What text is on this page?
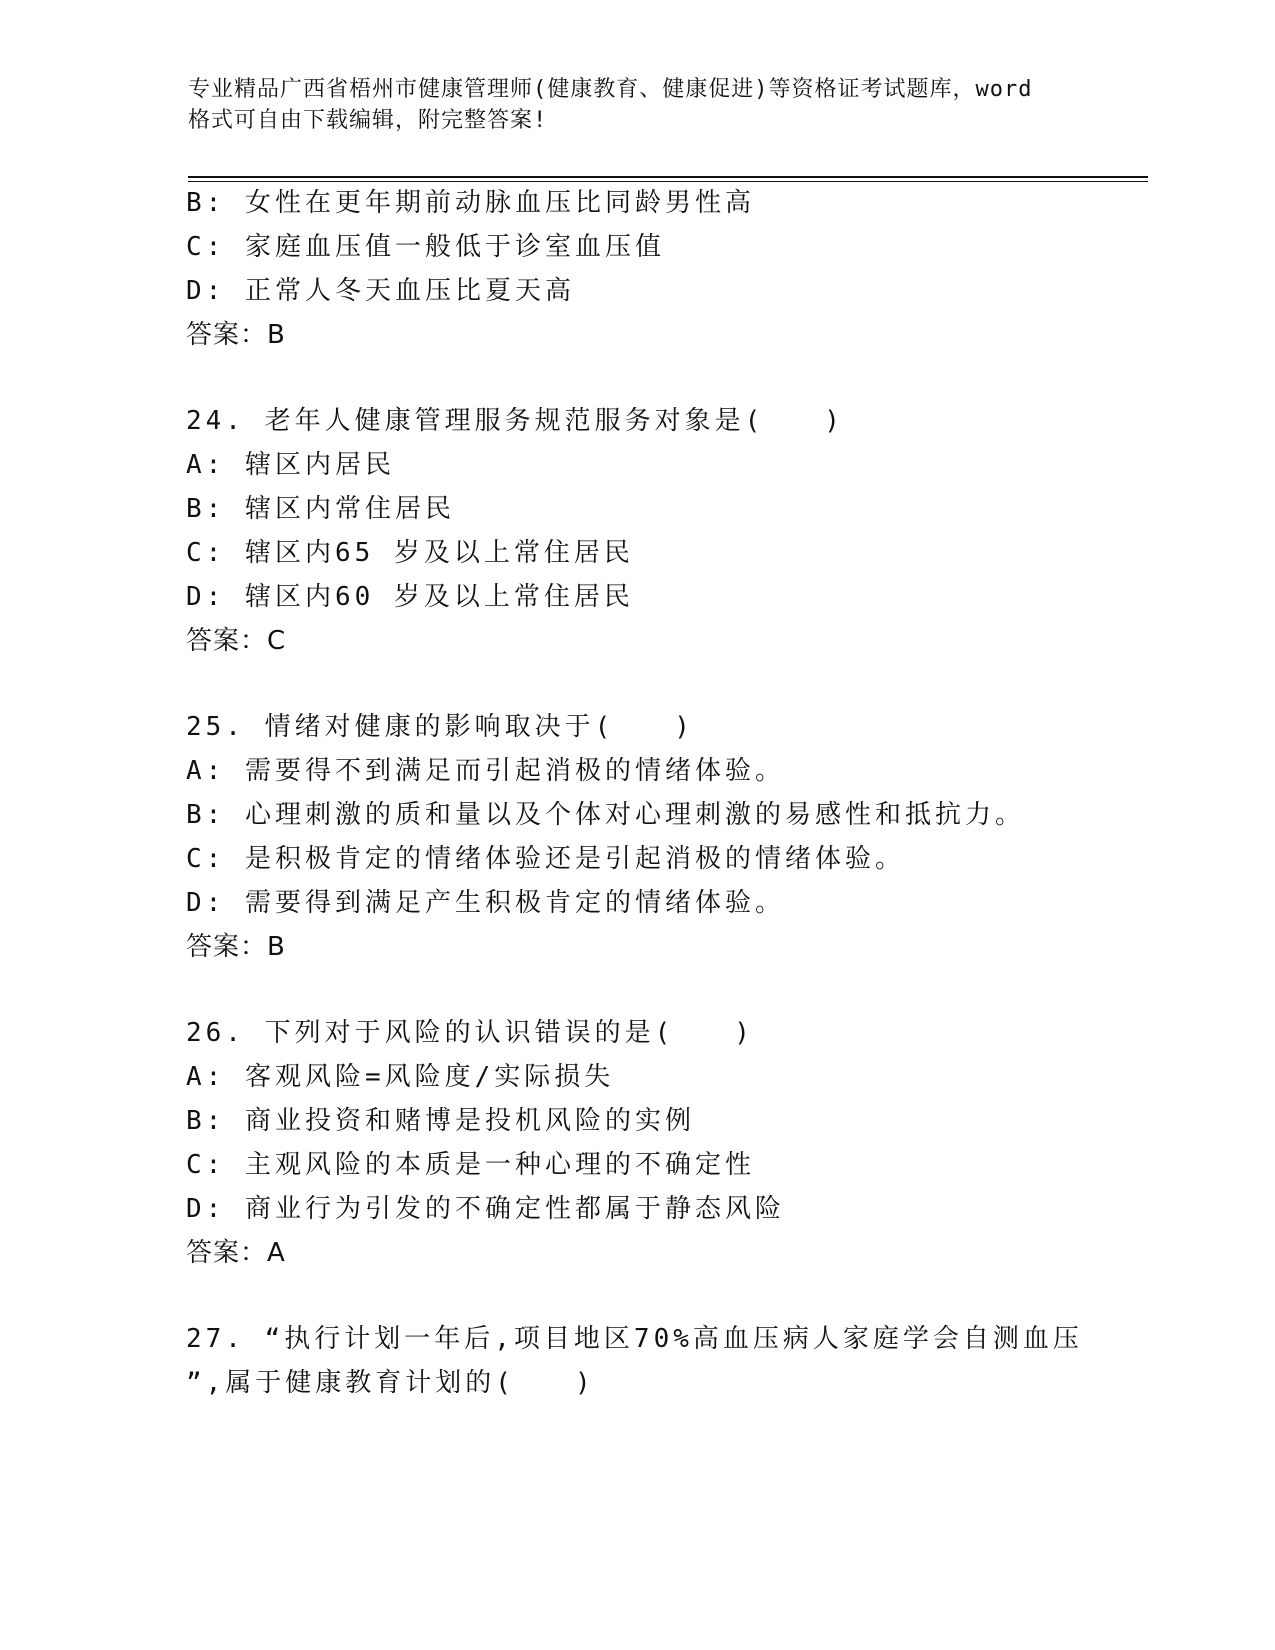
专业精品广西省梧州市健康管理师(健康教育、健康促进)等资格证考试题库，word
格式可自由下载编辑，附完整答案!
B: 女性在更年期前动脉血压比同龄男性高
C: 家庭血压值一般低于诊室血压值
D: 正常人冬天血压比夏天高
答案：B
24. 老年人健康管理服务规范服务对象是(　　)
A: 辖区内居民
B: 辖区内常住居民
C: 辖区内65 岁及以上常住居民
D: 辖区内60 岁及以上常住居民
答案：C
25. 情绪对健康的影响取决于(　　)
A: 需要得不到满足而引起消极的情绪体验。
B: 心理刺激的质和量以及个体对心理刺激的易感性和抵抗力。
C: 是积极肯定的情绪体验还是引起消极的情绪体验。
D: 需要得到满足产生积极肯定的情绪体验。
答案：B
26. 下列对于风险的认识错误的是(　　)
A: 客观风险=风险度/实际损失
B: 商业投资和赌博是投机风险的实例
C: 主观风险的本质是一种心理的不确定性
D: 商业行为引发的不确定性都属于静态风险
答案：A
27. “执行计划一年后,项目地区70%高血压病人家庭学会自测血压
”,属于健康教育计划的(　　)
